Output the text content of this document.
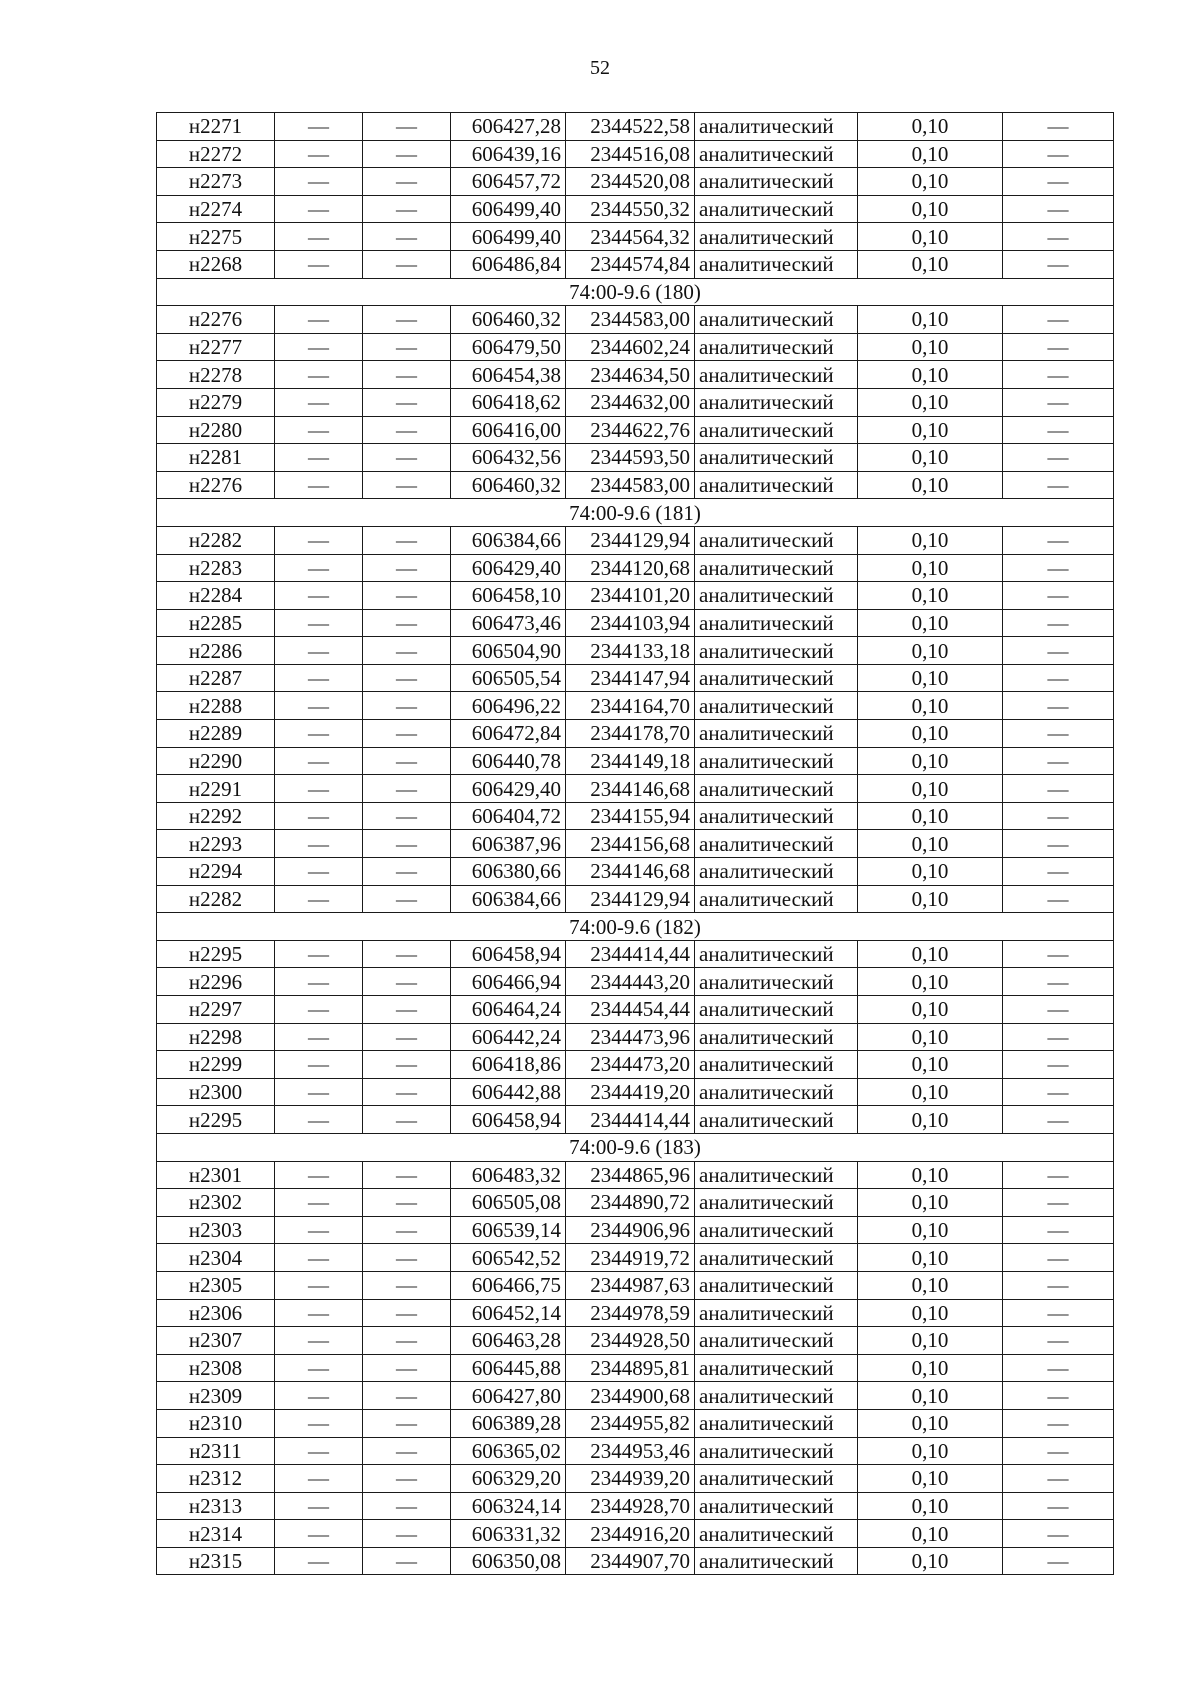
52
н2271	—	—	606427,28	2344522,58	аналитический	0,10	—
н2272	—	—	606439,16	2344516,08	аналитический	0,10	—
н2273	—	—	606457,72	2344520,08	аналитический	0,10	—
н2274	—	—	606499,40	2344550,32	аналитический	0,10	—
н2275	—	—	606499,40	2344564,32	аналитический	0,10	—
н2268	—	—	606486,84	2344574,84	аналитический	0,10	—
74:00-9.6 (180)							
н2276	—	—	606460,32	2344583,00	аналитический	0,10	—
н2277	—	—	606479,50	2344602,24	аналитический	0,10	—
н2278	—	—	606454,38	2344634,50	аналитический	0,10	—
н2279	—	—	606418,62	2344632,00	аналитический	0,10	—
н2280	—	—	606416,00	2344622,76	аналитический	0,10	—
н2281	—	—	606432,56	2344593,50	аналитический	0,10	—
н2276	—	—	606460,32	2344583,00	аналитический	0,10	—
74:00-9.6 (181)							
н2282	—	—	606384,66	2344129,94	аналитический	0,10	—
н2283	—	—	606429,40	2344120,68	аналитический	0,10	—
н2284	—	—	606458,10	2344101,20	аналитический	0,10	—
н2285	—	—	606473,46	2344103,94	аналитический	0,10	—
н2286	—	—	606504,90	2344133,18	аналитический	0,10	—
н2287	—	—	606505,54	2344147,94	аналитический	0,10	—
н2288	—	—	606496,22	2344164,70	аналитический	0,10	—
н2289	—	—	606472,84	2344178,70	аналитический	0,10	—
н2290	—	—	606440,78	2344149,18	аналитический	0,10	—
н2291	—	—	606429,40	2344146,68	аналитический	0,10	—
н2292	—	—	606404,72	2344155,94	аналитический	0,10	—
н2293	—	—	606387,96	2344156,68	аналитический	0,10	—
н2294	—	—	606380,66	2344146,68	аналитический	0,10	—
н2282	—	—	606384,66	2344129,94	аналитический	0,10	—
74:00-9.6 (182)							
н2295	—	—	606458,94	2344414,44	аналитический	0,10	—
н2296	—	—	606466,94	2344443,20	аналитический	0,10	—
н2297	—	—	606464,24	2344454,44	аналитический	0,10	—
н2298	—	—	606442,24	2344473,96	аналитический	0,10	—
н2299	—	—	606418,86	2344473,20	аналитический	0,10	—
н2300	—	—	606442,88	2344419,20	аналитический	0,10	—
н2295	—	—	606458,94	2344414,44	аналитический	0,10	—
74:00-9.6 (183)							
н2301	—	—	606483,32	2344865,96	аналитический	0,10	—
н2302	—	—	606505,08	2344890,72	аналитический	0,10	—
н2303	—	—	606539,14	2344906,96	аналитический	0,10	—
н2304	—	—	606542,52	2344919,72	аналитический	0,10	—
н2305	—	—	606466,75	2344987,63	аналитический	0,10	—
н2306	—	—	606452,14	2344978,59	аналитический	0,10	—
н2307	—	—	606463,28	2344928,50	аналитический	0,10	—
н2308	—	—	606445,88	2344895,81	аналитический	0,10	—
н2309	—	—	606427,80	2344900,68	аналитический	0,10	—
н2310	—	—	606389,28	2344955,82	аналитический	0,10	—
н2311	—	—	606365,02	2344953,46	аналитический	0,10	—
н2312	—	—	606329,20	2344939,20	аналитический	0,10	—
н2313	—	—	606324,14	2344928,70	аналитический	0,10	—
н2314	—	—	606331,32	2344916,20	аналитический	0,10	—
н2315	—	—	606350,08	2344907,70	аналитический	0,10	—
